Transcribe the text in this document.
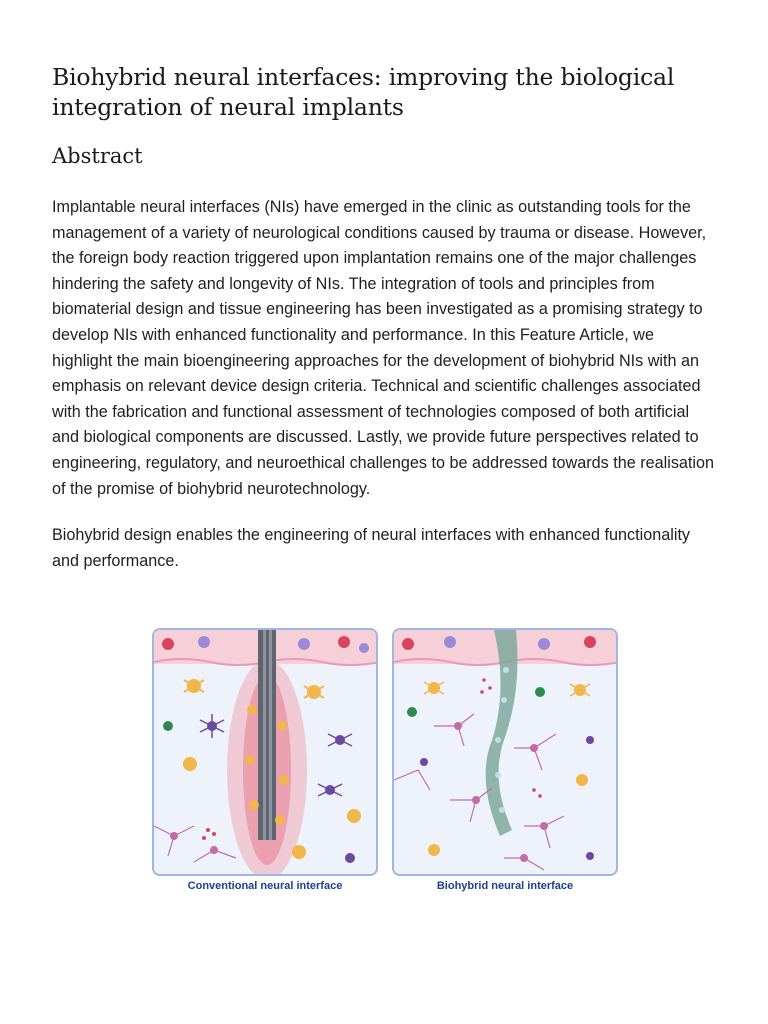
Biohybrid neural interfaces: improving the biological integration of neural implants
Abstract

Implantable neural interfaces (NIs) have emerged in the clinic as outstanding tools for the management of a variety of neurological conditions caused by trauma or disease. However, the foreign body reaction triggered upon implantation remains one of the major challenges hindering the safety and longevity of NIs. The integration of tools and principles from biomaterial design and tissue engineering has been investigated as a promising strategy to develop NIs with enhanced functionality and performance. In this Feature Article, we highlight the main bioengineering approaches for the development of biohybrid NIs with an emphasis on relevant device design criteria. Technical and scientific challenges associated with the fabrication and functional assessment of technologies composed of both artificial and biological components are discussed. Lastly, we provide future perspectives related to engineering, regulatory, and neuroethical challenges to be addressed towards the realisation of the promise of biohybrid neurotechnology.

Biohybrid design enables the engineering of neural interfaces with enhanced functionality and performance.

Conventional neural interface	Biohybrid neural interface
